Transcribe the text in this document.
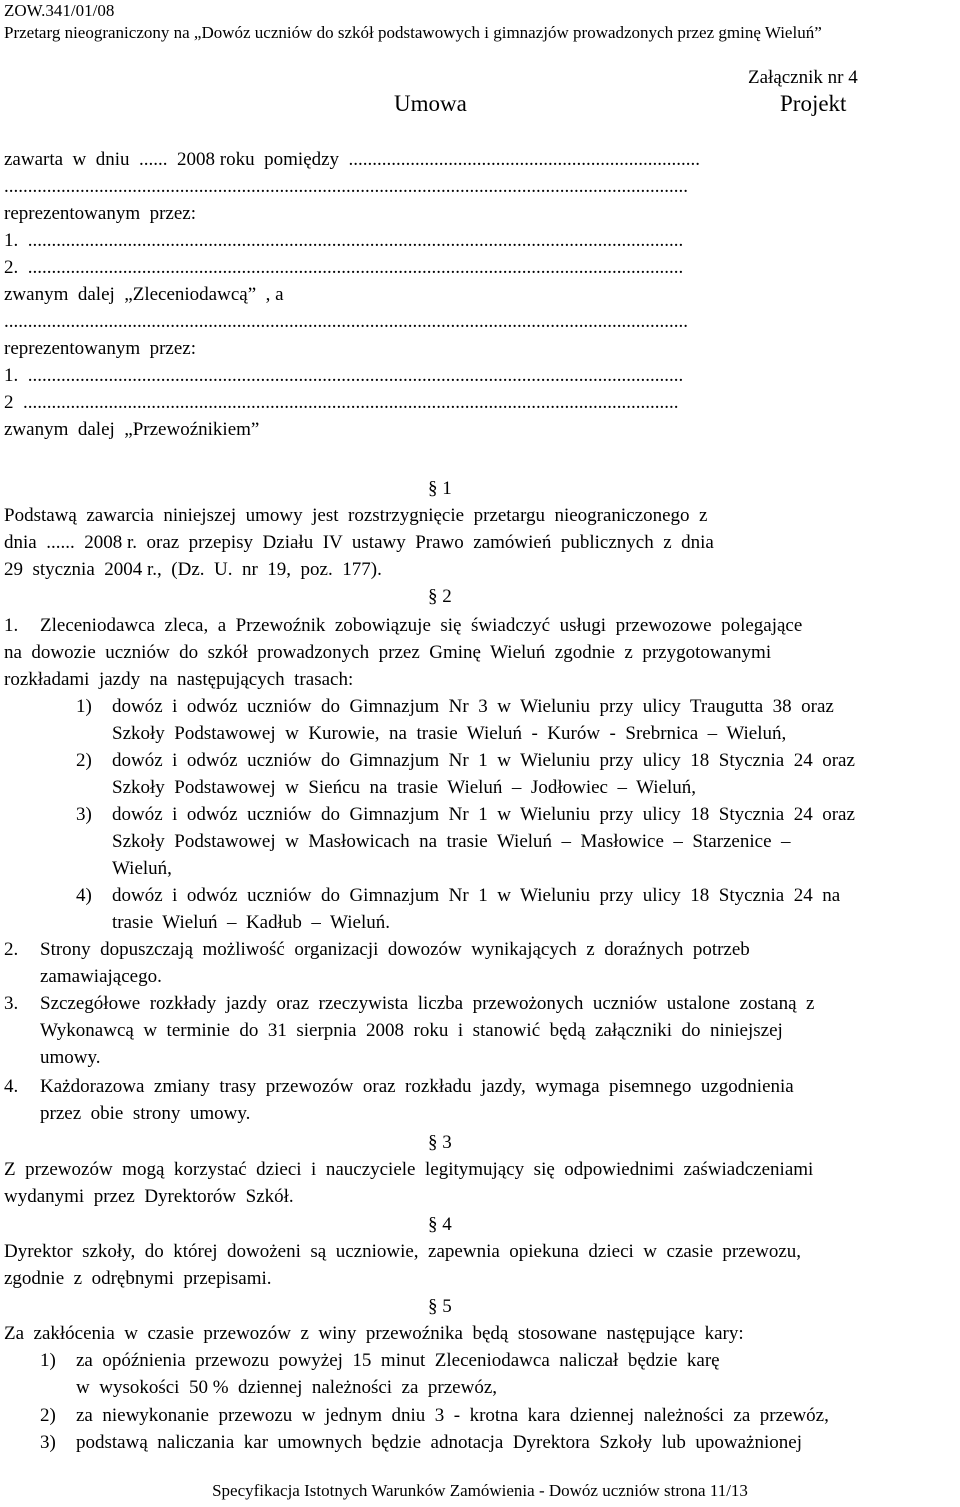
ZOW.341/01/08
Przetarg nieograniczony na „Dowóz uczniów do szkół podstawowych i gimnazjów prowadzonych przez gminę Wieluń”
Załącznik nr 4
Umowa	Projekt
zawarta  w  dniu  ......  2008 roku  pomiędzy  ..........................................................................
................................................................................................................................................
reprezentowanym  przez:
1.  ..........................................................................................................................................
2.  ..........................................................................................................................................
zwanym  dalej  „Zleceniodawcą”  , a
................................................................................................................................................
reprezentowanym  przez:
1.  ..........................................................................................................................................
2  ..........................................................................................................................................
zwanym  dalej  „Przewoźnikiem”
§ 1
Podstawą  zawarcia  niniejszej  umowy  jest  rozstrzygnięcie  przetargu  nieograniczonego  z
dnia  ......  2008 r.  oraz  przepisy  Działu  IV  ustawy  Prawo  zamówień  publicznych  z  dnia
29  stycznia  2004 r.,  (Dz.  U.  nr  19,  poz.  177).
§ 2
1. Zleceniodawca  zleca,  a  Przewoźnik  zobowiązuje  się  świadczyć  usługi  przewozowe  polegające
na  dowozie  uczniów  do  szkół  prowadzonych  przez  Gminę  Wieluń  zgodnie  z  przygotowanymi
rozkładami  jazdy  na  następujących  trasach:
1) dowóz  i  odwóz  uczniów  do  Gimnazjum  Nr  3  w  Wieluniu  przy  ulicy  Traugutta  38  oraz
Szkoły  Podstawowej  w  Kurowie,  na  trasie  Wieluń  -  Kurów  -  Srebrnica  –  Wieluń,
2) dowóz  i  odwóz  uczniów  do  Gimnazjum  Nr  1  w  Wieluniu  przy  ulicy  18  Stycznia  24  oraz
Szkoły  Podstawowej  w  Sieńcu  na  trasie  Wieluń  –  Jodłowiec  –  Wieluń,
3) dowóz  i  odwóz  uczniów  do  Gimnazjum  Nr  1  w  Wieluniu  przy  ulicy  18  Stycznia  24  oraz
Szkoły  Podstawowej  w  Masłowicach  na  trasie  Wieluń  –  Masłowice  –  Starzenice  –
Wieluń,
4) dowóz  i  odwóz  uczniów  do  Gimnazjum  Nr  1  w  Wieluniu  przy  ulicy  18  Stycznia  24  na
trasie  Wieluń  –  Kadłub  –  Wieluń.
2. Strony  dopuszczają  możliwość  organizacji  dowozów  wynikających  z  doraźnych  potrzeb
zamawiającego.
3. Szczegółowe  rozkłady  jazdy  oraz  rzeczywista  liczba  przewożonych  uczniów  ustalone  zostaną  z
Wykonawcą  w  terminie  do  31  sierpnia  2008  roku  i  stanowić  będą  załączniki  do  niniejszej
umowy.
4. Każdorazowa  zmiany  trasy  przewozów  oraz  rozkładu  jazdy,  wymaga  pisemnego  uzgodnienia
przez  obie  strony  umowy.
§ 3
Z  przewozów  mogą  korzystać  dzieci  i  nauczyciele  legitymujący  się  odpowiednimi  zaświadczeniami
wydanymi  przez  Dyrektorów  Szkół.
§ 4
Dyrektor  szkoły,  do  której  dowożeni  są  uczniowie,  zapewnia  opiekuna  dzieci  w  czasie  przewozu,
zgodnie  z  odrębnymi  przepisami.
§ 5
Za  zakłócenia  w  czasie  przewozów  z  winy  przewoźnika  będą  stosowane  następujące  kary:
1) za  opóźnienia  przewozu  powyżej  15  minut  Zleceniodawca  naliczał  będzie  karę
w  wysokości  50 %  dziennej  należności  za  przewóz,
2) za  niewykonanie  przewozu  w  jednym  dniu  3  -  krotna  kara  dziennej  należności  za  przewóz,
3) podstawą  naliczania  kar  umownych  będzie  adnotacja  Dyrektora  Szkoły  lub  upoważnionej
Specyfikacja Istotnych Warunków Zamówienia - Dowóz uczniów strona 11/13
